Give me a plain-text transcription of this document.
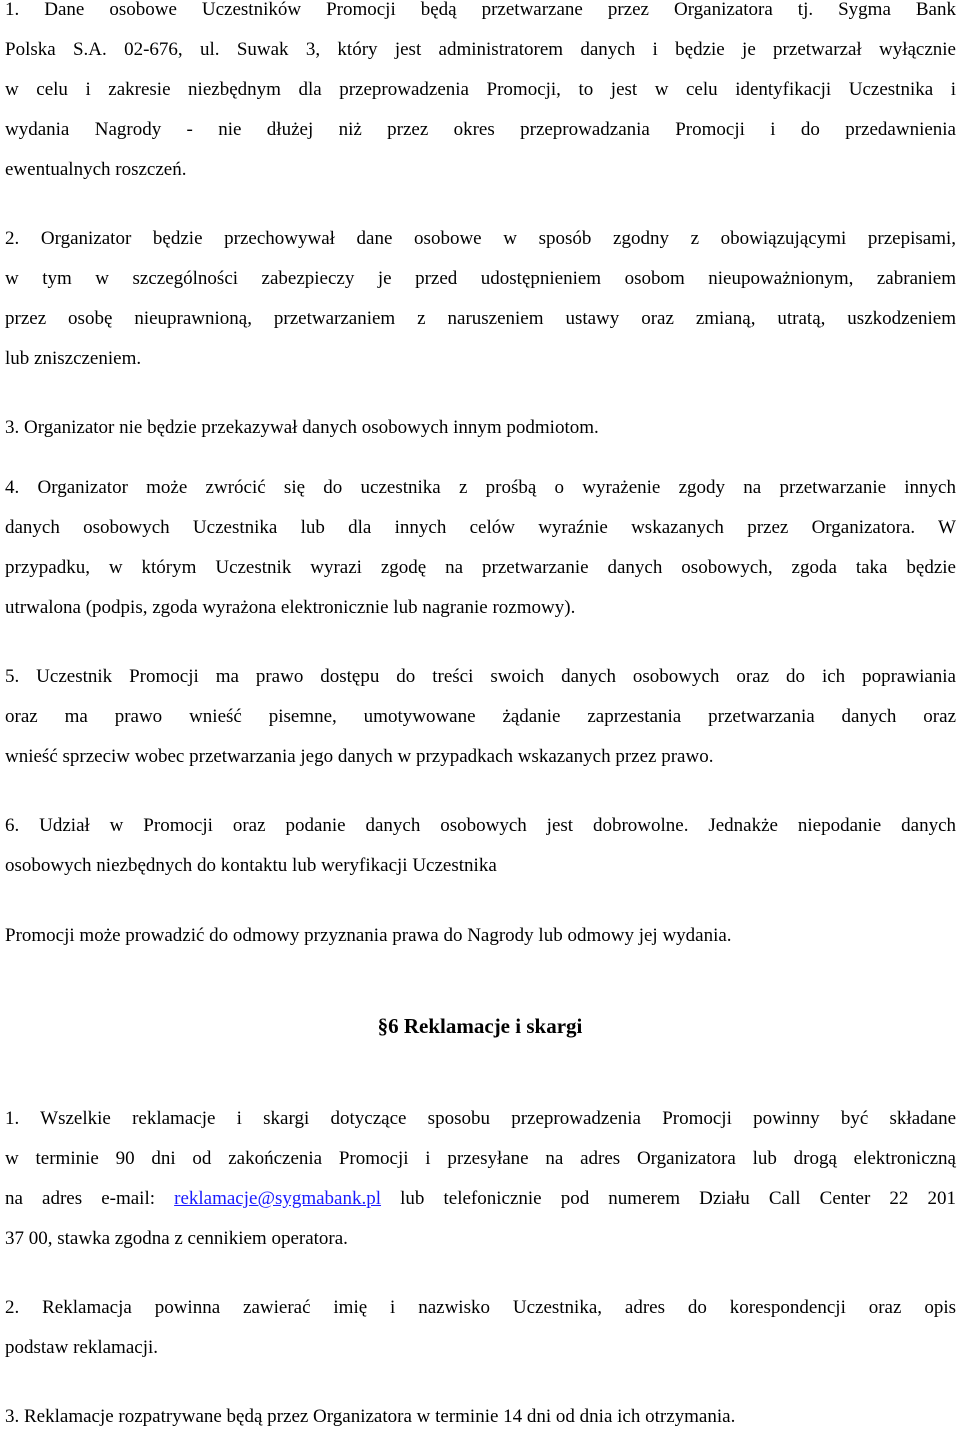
1. Dane osobowe Uczestników Promocji będą przetwarzane przez Organizatora tj. Sygma Bank
Polska S.A. 02-676, ul. Suwak 3, który jest administratorem danych i będzie je przetwarzał wyłącznie
w celu i zakresie niezbędnym dla przeprowadzenia Promocji, to jest w celu identyfikacji Uczestnika i
wydania Nagrody - nie dłużej niż przez okres przeprowadzania Promocji i do przedawnienia
ewentualnych roszczeń.
2. Organizator będzie przechowywał dane osobowe w sposób zgodny z obowiązującymi przepisami,
w tym w szczególności zabezpieczy je przed udostępnieniem osobom nieupoważnionym, zabraniem
przez osobę nieuprawnioną, przetwarzaniem z naruszeniem ustawy oraz zmianą, utratą, uszkodzeniem
lub zniszczeniem.
3. Organizator nie będzie przekazywał danych osobowych innym podmiotom.
4. Organizator może zwrócić się do uczestnika z prośbą o wyrażenie zgody na przetwarzanie innych
danych osobowych Uczestnika lub dla innych celów wyraźnie wskazanych przez Organizatora. W
przypadku, w którym Uczestnik wyrazi zgodę na przetwarzanie danych osobowych, zgoda taka będzie
utrwalona (podpis, zgoda wyrażona elektronicznie lub nagranie rozmowy).
5. Uczestnik Promocji ma prawo dostępu do treści swoich danych osobowych oraz do ich poprawiania
oraz ma prawo wnieść pisemne, umotywowane żądanie zaprzestania przetwarzania danych oraz
wnieść sprzeciw wobec przetwarzania jego danych w przypadkach wskazanych przez prawo.
6. Udział w Promocji oraz podanie danych osobowych jest dobrowolne. Jednakże niepodanie danych
osobowych niezbędnych do kontaktu lub weryfikacji Uczestnika
Promocji może prowadzić do odmowy przyznania prawa do Nagrody lub odmowy jej wydania.
§6 Reklamacje i skargi
1. Wszelkie reklamacje i skargi dotyczące sposobu przeprowadzenia Promocji powinny być składane
w terminie 90 dni od zakończenia Promocji i przesyłane na adres Organizatora lub drogą elektroniczną
na adres e-mail: reklamacje@sygmabank.pl lub telefonicznie pod numerem Działu Call Center 22 201
37 00, stawka zgodna z cennikiem operatora.
2. Reklamacja powinna zawierać imię i nazwisko Uczestnika, adres do korespondencji oraz opis
podstaw reklamacji.
3. Reklamacje rozpatrywane będą przez Organizatora w terminie 14 dni od dnia ich otrzymania.
